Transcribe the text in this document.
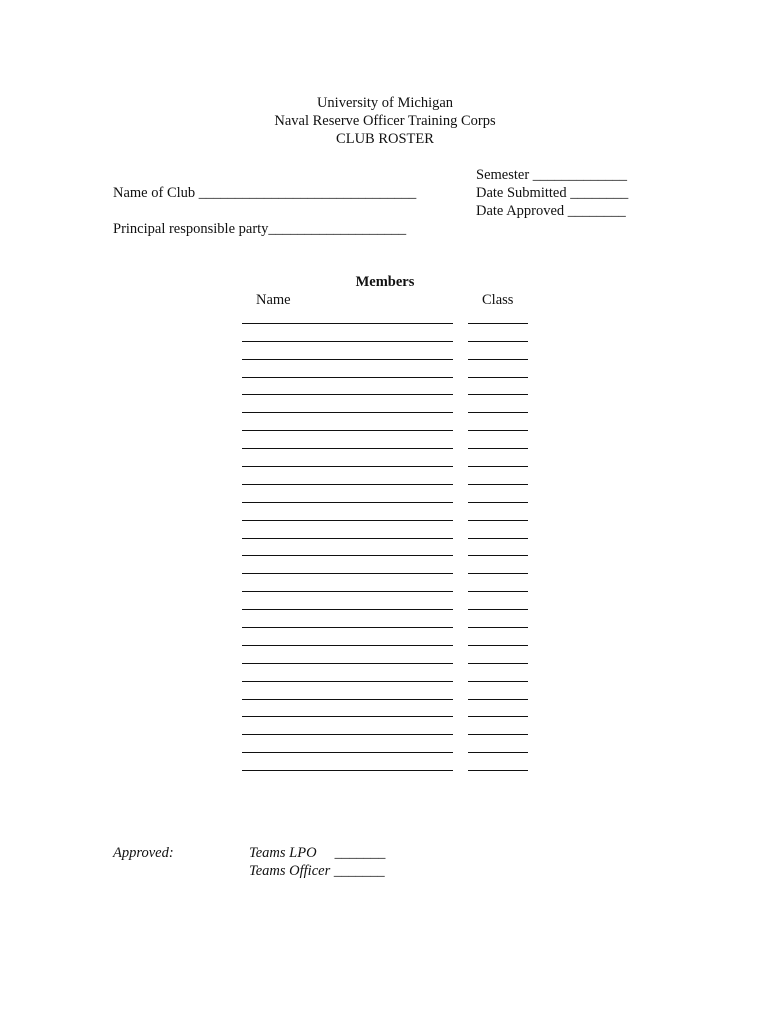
University of Michigan
Naval Reserve Officer Training Corps
CLUB ROSTER
Semester _____________
Name of Club ______________________________	Date Submitted ________
Date Approved ________
Principal responsible party___________________
Members
Name	Class
Approved:	Teams LPO     _______
Teams Officer _______
